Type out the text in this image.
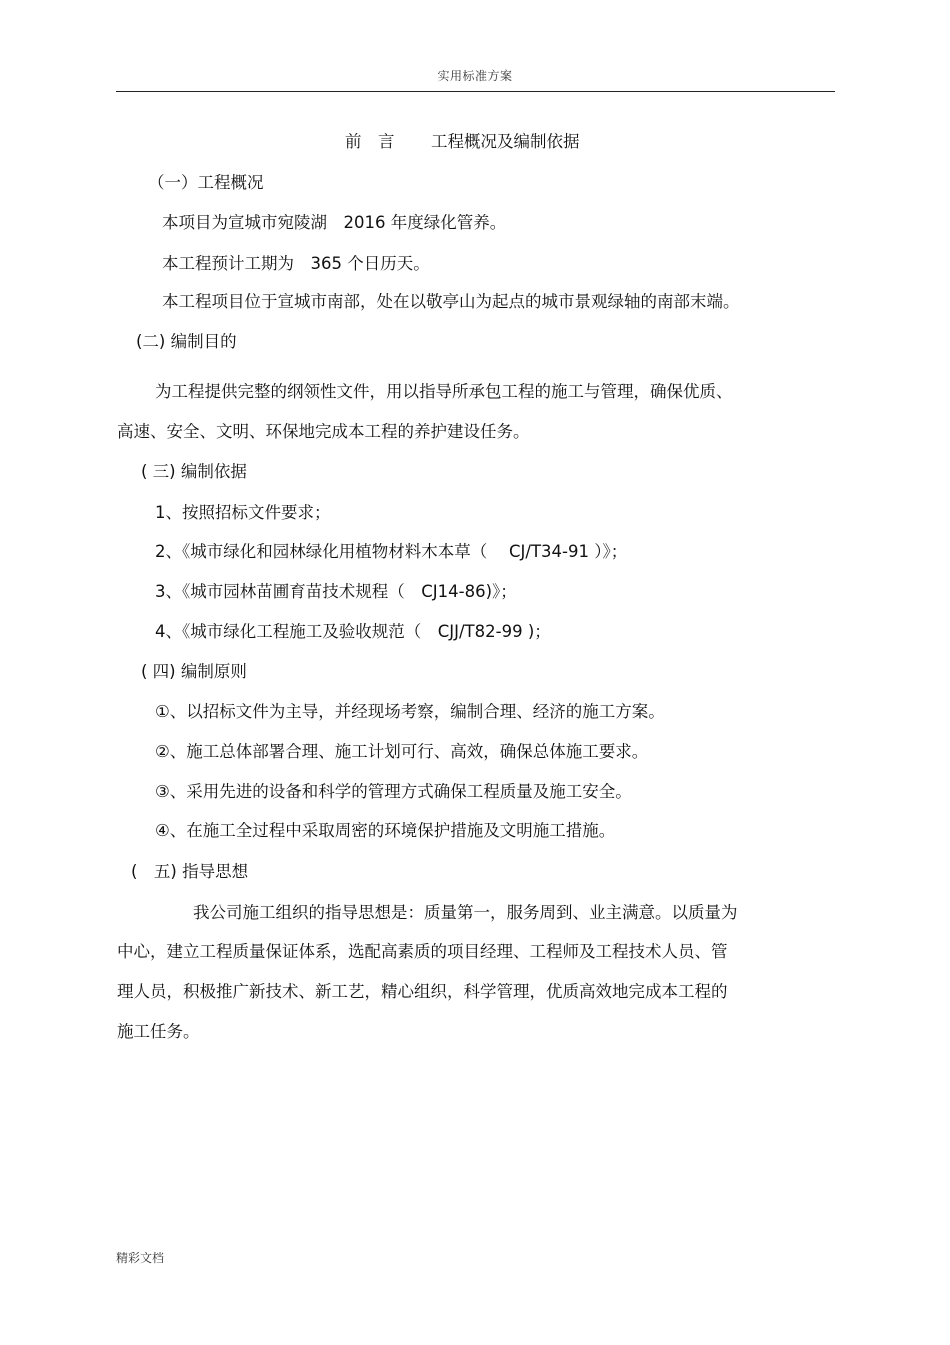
实用标准方案
前　言 工程概况及编制依据
（一）工程概况
本项目为宣城市宛陵湖　2016 年度绿化管养。
本工程预计工期为　365 个日历天。
本工程项目位于宣城市南部，处在以敬亭山为起点的城市景观绿轴的南部末端。
(二) 编制目的
为工程提供完整的纲领性文件，用以指导所承包工程的施工与管理，确保优质、
高速、安全、文明、环保地完成本工程的养护建设任务。
( 三) 编制依据
1、按照招标文件要求；
2、《城市绿化和园林绿化用植物材料木本草（　 CJ/T34-91 ）》；
3、《城市园林苗圃育苗技术规程（　CJ14-86)》；
4、《城市绿化工程施工及验收规范（　CJJ/T82-99 )；
( 四) 编制原则
①、以招标文件为主导，并经现场考察，编制合理、经济的施工方案。
②、施工总体部署合理、施工计划可行、高效，确保总体施工要求。
③、采用先进的设备和科学的管理方式确保工程质量及施工安全。
④、在施工全过程中采取周密的环境保护措施及文明施工措施。
(　五) 指导思想
我公司施工组织的指导思想是：质量第一，服务周到、业主满意。以质量为
中心，建立工程质量保证体系，选配高素质的项目经理、工程师及工程技术人员、管
理人员，积极推广新技术、新工艺，精心组织，科学管理，优质高效地完成本工程的
施工任务。
精彩文档
